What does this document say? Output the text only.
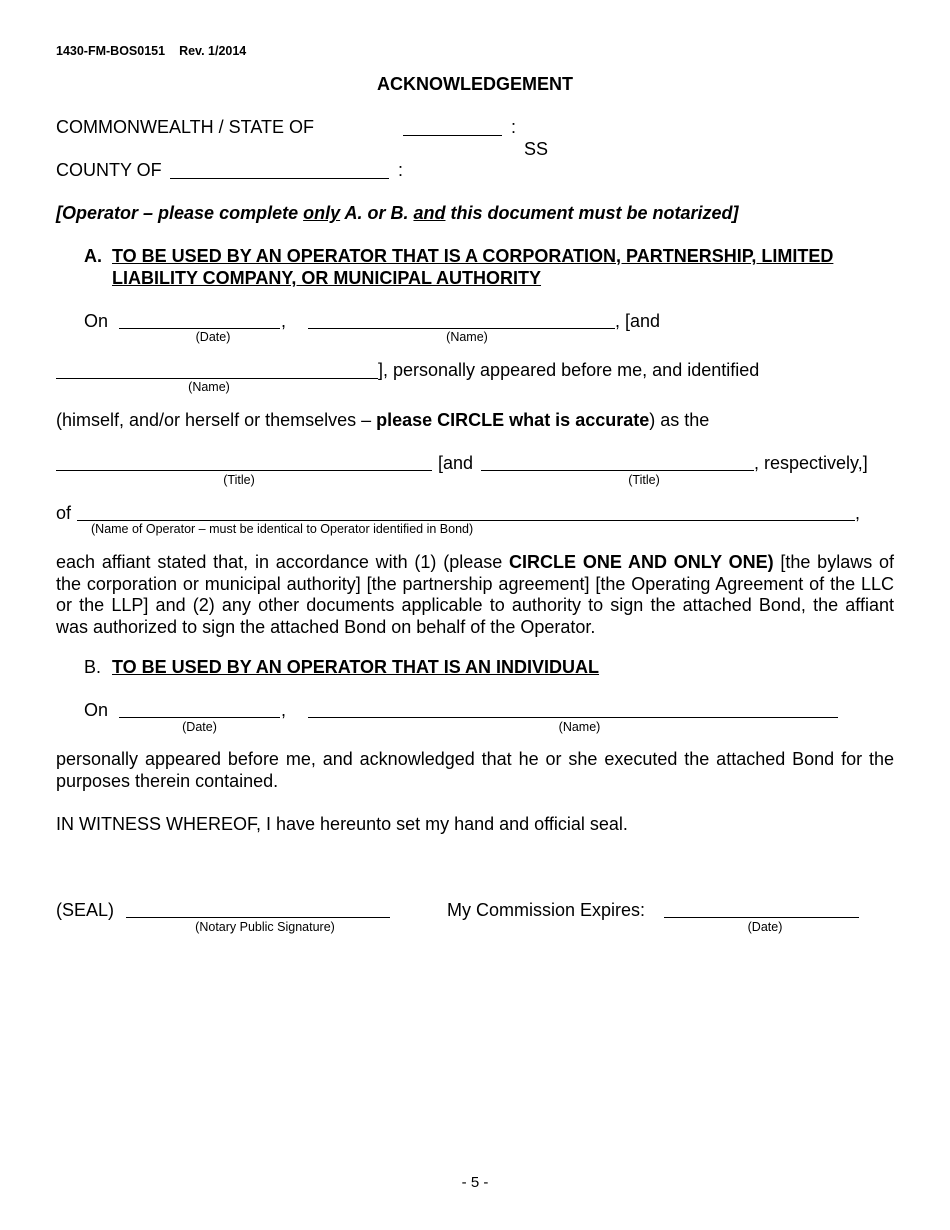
1430-FM-BOS0151 Rev. 1/2014
ACKNOWLEDGEMENT
COMMONWEALTH / STATE OF	:
SS
COUNTY OF	:
[Operator – please complete only A. or B. and this document must be notarized]
A. TO BE USED BY AN OPERATOR THAT IS A CORPORATION, PARTNERSHIP, LIMITED LIABILITY COMPANY, OR MUNICIPAL AUTHORITY
On	,	, [and
(Date)	(Name)
], personally appeared before me, and identified
(Name)
(himself, and/or herself or themselves – please CIRCLE what is accurate) as the
[and	, respectively,]
(Title)	(Title)
of	,
(Name of Operator – must be identical to Operator identified in Bond)
each affiant stated that, in accordance with (1) (please CIRCLE ONE AND ONLY ONE) [the bylaws of the corporation or municipal authority] [the partnership agreement] [the Operating Agreement of the LLC or the LLP] and (2) any other documents applicable to authority to sign the attached Bond, the affiant was authorized to sign the attached Bond on behalf of the Operator.
B. TO BE USED BY AN OPERATOR THAT IS AN INDIVIDUAL
On	,
(Date)	(Name)
personally appeared before me, and acknowledged that he or she executed the attached Bond for the purposes therein contained.
IN WITNESS WHEREOF, I have hereunto set my hand and official seal.
(SEAL)
(Notary Public Signature)
My Commission Expires:
(Date)
- 5 -
